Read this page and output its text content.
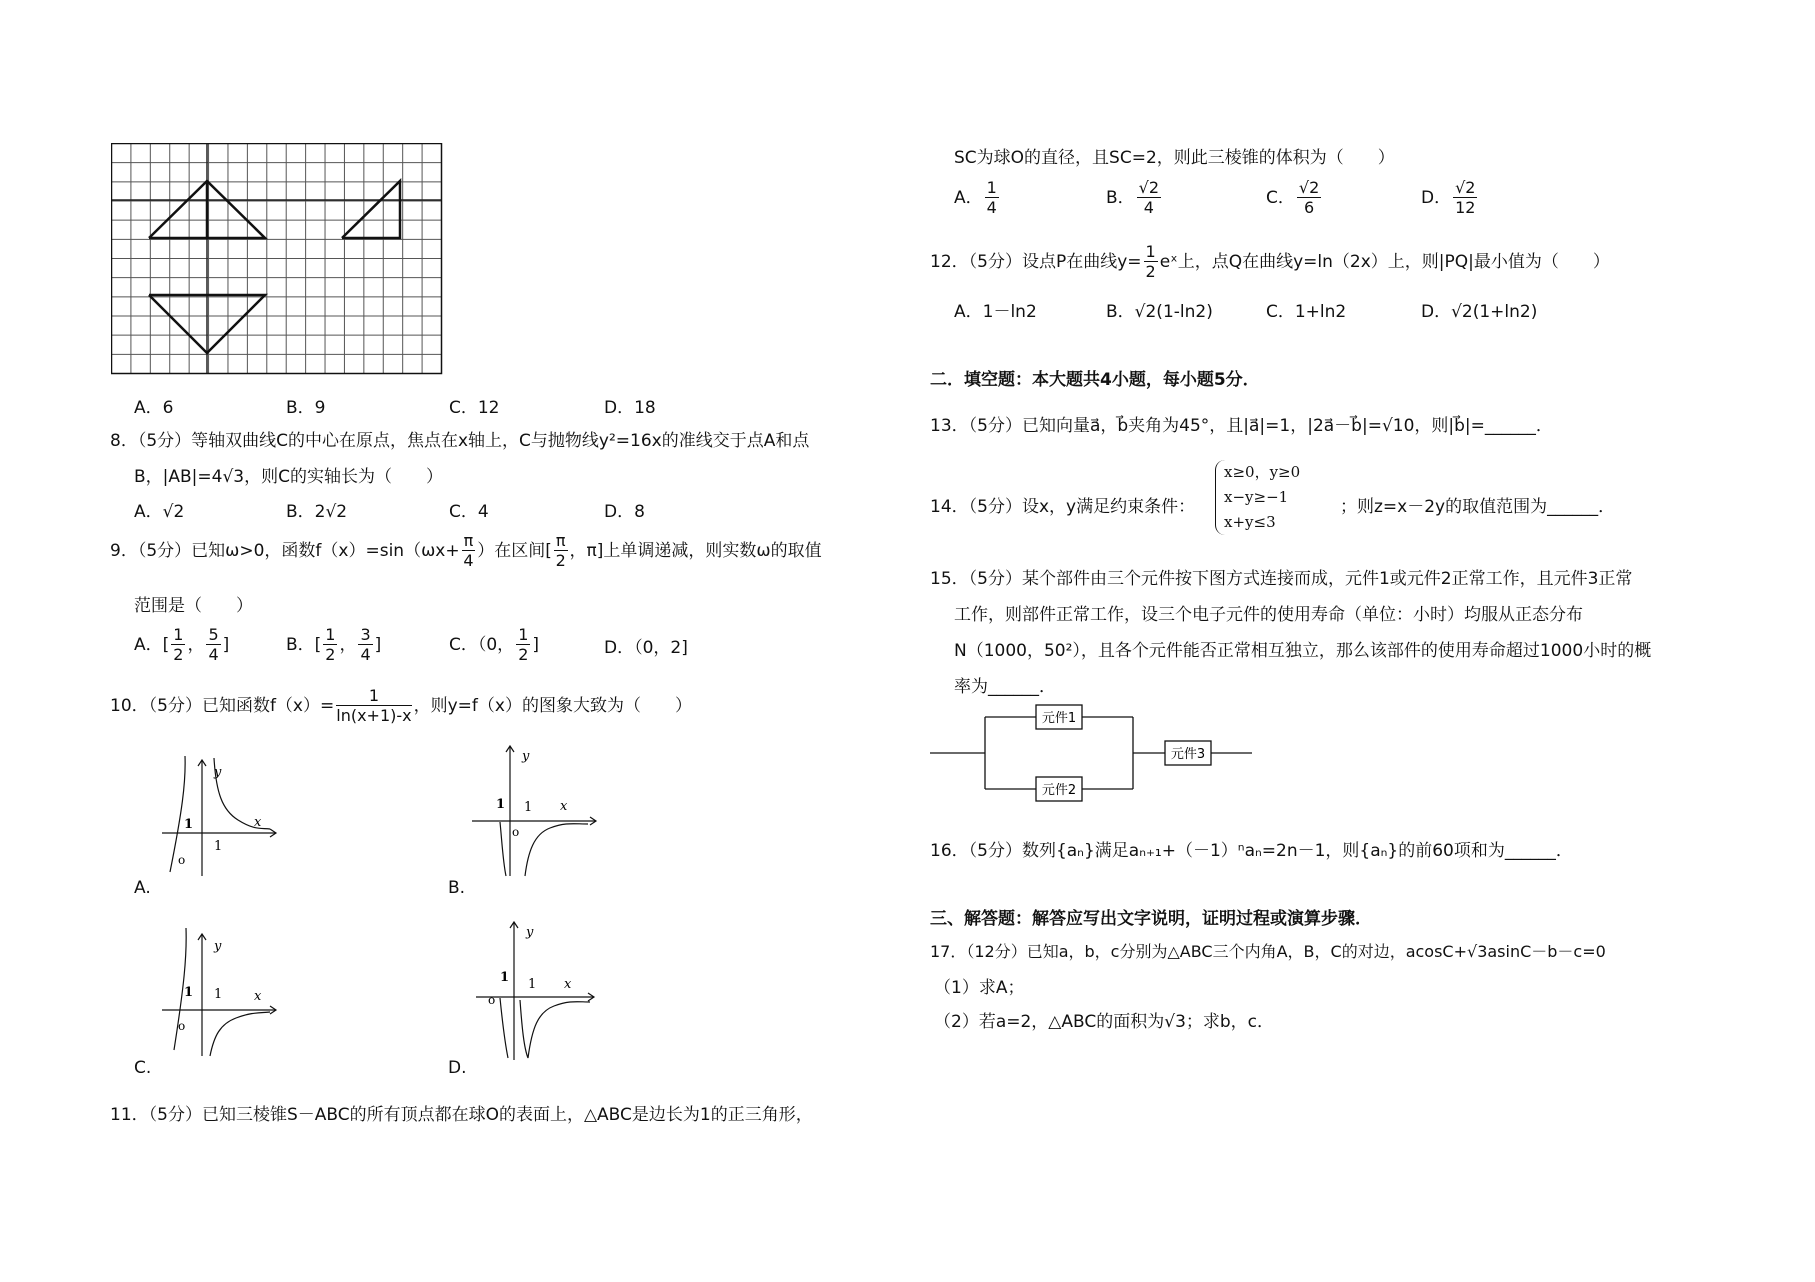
A．6	B．9	C．12	D．18
8．（5分）等轴双曲线C的中心在原点，焦点在x轴上，C与抛物线y²=16x的准线交于点A和点
B，|AB|=4√3，则C的实轴长为（　　）
A．√2	B．2√2	C．4	D．8
9．（5分）已知ω>0，函数$f(x)=\sin(\omega x+ \frac{\pi}{4}$ ）在区间[ $\frac{\pi}{2}$ ，π]上单调递减，则实数ω的取值
范围是（　　）
A．[ $\frac{1}{2}$ ， $\frac{5}{4}$ ]	B．[ $\frac{1}{2}$ ， $\frac{3}{4}$ ]	C．（0， $\frac{1}{2}$ ]	D．（0，2]
10．（5分）已知函数$f(x)= \frac{1}{\ln(x+1)-x}$ ，则y=f（x）的图象大致为（　　）
y
x
1
1
o
A.
y
x
1 1
o
B.
y
x
1 1
o
C.
y
x
1 1
o
D.
11．（5分）已知三棱锥S－ABC的所有顶点都在球O的表面上，△ABC是边长为1的正三角形，
SC为球O的直径，且SC=2，则此三棱锥的体积为（　　）
A． $\frac{1}{4}$	B． $\frac{√2}{4}$	C． $\frac{√2}{6}$	D． $\frac{√2}{12}$
12．（5分）设点P在曲线$y= \frac{1}{2}$ eˣ上，点Q在曲线y=ln（2x）上，则|PQ|最小值为（　　）
A．1－ln2	B．√2(1-ln2)	C．1+ln2	D．√2(1+ln2)
二．填空题：本大题共4小题，每小题5分．
13．（5分）已知向量a⃗，b⃗夹角为45°，且|a⃗|=1，|2a⃗－b⃗|=√10，则|b⃗|=______．
14．（5分）设x，y满足约束条件：
x≥0，y≥0
x−y≥−1
x+y≤3
；则z=x－2y的取值范围为______．
15．（5分）某个部件由三个元件按下图方式连接而成，元件1或元件2正常工作，且元件3正常
工作，则部件正常工作，设三个电子元件的使用寿命（单位：小时）均服从正态分布
N（1000，50²），且各个元件能否正常相互独立，那么该部件的使用寿命超过1000小时的概
率为______．
元件1
元件2
元件3
16．（5分）数列{aₙ}满足aₙ₊₁+（－1）ⁿaₙ=2n－1，则{aₙ}的前60项和为______．
三、解答题：解答应写出文字说明，证明过程或演算步骤．
17．（12分）已知a，b，c分别为△ABC三个内角A，B，C的对边，acosC+√3asinC－b－c=0
（1）求A；
（2）若a=2，△ABC的面积为√3；求b，c．
